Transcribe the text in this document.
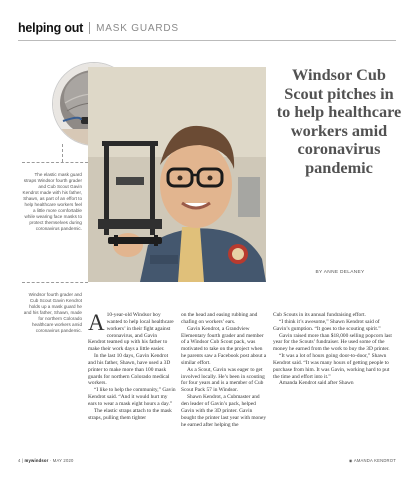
helping out MASK GUARDS
The elastic mask guard straps Windsor fourth grader and Cub Scout Gavin Kendrot made with his father, Shawn, as part of an effort to help healthcare workers feel a little more comfortable while wearing face masks to protect themselves during coronavirus pandemic.
Windsor fourth grader and Cub Scout Gavin Kendrot holds up a mask guard he and his father, Shawn, made for northern Colorado healthcare workers amid coronavirus pandemic.
Windsor Cub Scout pitches in to help healthcare workers amid coronavirus pandemic
BY ANNE DELANEY
A 10-year-old Windsor boy wanted to help local healthcare workers’ in their fight against coronavirus, and Gavin Kendrot teamed up with his father to make their work days a little easier.

In the last 10 days, Gavin Kendrot and his father, Shawn, have used a 3D printer to make more than 100 mask guards for northern Colorado medical workers.

“I like to help the community,” Gavin Kendrot said. “And it would hurt my ears to wear a mask eight hours a day.”

The elastic straps attach to the mask straps, pulling them tighter

on the head and easing rubbing and chafing on workers’ ears.

Gavin Kendrot, a Grandview Elementary fourth grader and member of a Windsor Cub Scout pack, was motivated to take on the project when he parents saw a Facebook post about a similar effort.

As a Scout, Gavin was eager to get involved locally. He’s been in scouting for four years and is a member of Cub Scout Pack 57 in Windsor.

Shawn Kendrot, a Cubmaster and den leader of Gavin’s pack, helped Gavin with the 3D printer. Gavin bought the printer last year with money he earned after helping the

Cub Scouts in its annual fundraising effort.

“I think it’s awesome,” Shawn Kendrot said of Gavin’s gumption. “It goes to the scouting spirit.”

Gavin raised more than $18,000 selling popcorn last year for the Scouts’ fundraiser. He used some of the money he earned from the work to buy the 3D printer.

“It was a lot of hours going door-to-door,” Shawn Kendrot said. “It was many hours of getting people to purchase from him. It was Gavin, working hard to put the time and effort into it.”

Amanda Kendrot said after Shawn

4 | mywindsor · MAY 2020	◉ AMANDA KENDROT
